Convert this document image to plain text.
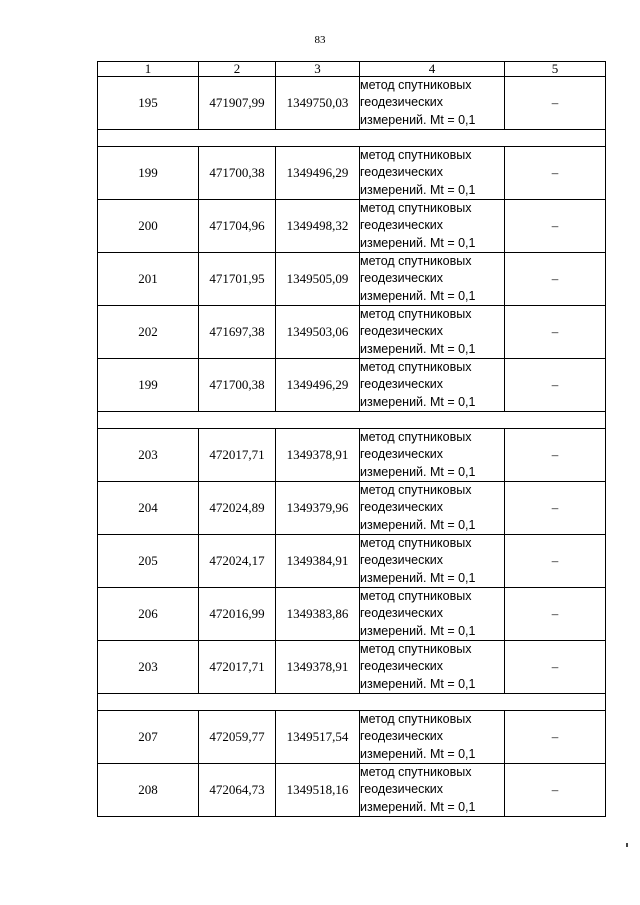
83
1	2	3	4	5
195	471907,99	1349750,03	метод спутниковых геодезических измерений. Mt = 0,1	–

199	471700,38	1349496,29	метод спутниковых геодезических измерений. Mt = 0,1	–
200	471704,96	1349498,32	метод спутниковых геодезических измерений. Mt = 0,1	–
201	471701,95	1349505,09	метод спутниковых геодезических измерений. Mt = 0,1	–
202	471697,38	1349503,06	метод спутниковых геодезических измерений. Mt = 0,1	–
199	471700,38	1349496,29	метод спутниковых геодезических измерений. Mt = 0,1	–

203	472017,71	1349378,91	метод спутниковых геодезических измерений. Mt = 0,1	–
204	472024,89	1349379,96	метод спутниковых геодезических измерений. Mt = 0,1	–
205	472024,17	1349384,91	метод спутниковых геодезических измерений. Mt = 0,1	–
206	472016,99	1349383,86	метод спутниковых геодезических измерений. Mt = 0,1	–
203	472017,71	1349378,91	метод спутниковых геодезических измерений. Mt = 0,1	–

207	472059,77	1349517,54	метод спутниковых геодезических измерений. Mt = 0,1	–
208	472064,73	1349518,16	метод спутниковых геодезических измерений. Mt = 0,1	–
